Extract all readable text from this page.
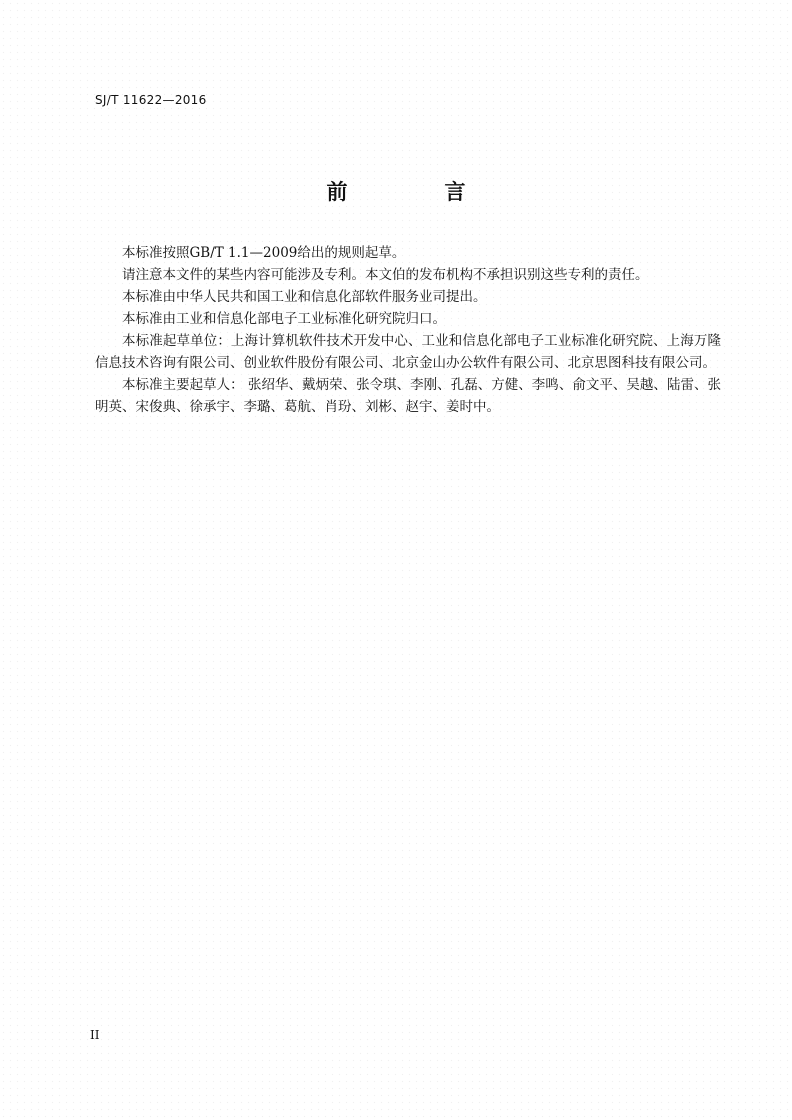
SJ/T 11622—2016
前　言

本标准按照GB/T 1.1—2009给出的规则起草。

请注意本文件的某些内容可能涉及专利。本文伯的发布机构不承担识别这些专利的责任。

本标准由中华人民共和国工业和信息化部软件服务业司提出。

本标准由工业和信息化部电子工业标准化研究院归口。

本标准起草单位：上海计算机软件技术开发中心、工业和信息化部电子工业标准化研究院、上海万隆信息技术咨询有限公司、创业软件股份有限公司、北京金山办公软件有限公司、北京思图科技有限公司。

本标准主要起草人： 张绍华、戴炳荣、张令琪、李刚、孔磊、方健、李鸣、俞文平、吴越、陆雷、张明英、宋俊典、徐承宇、李璐、葛航、肖玢、刘彬、赵宇、姜时中。

II
